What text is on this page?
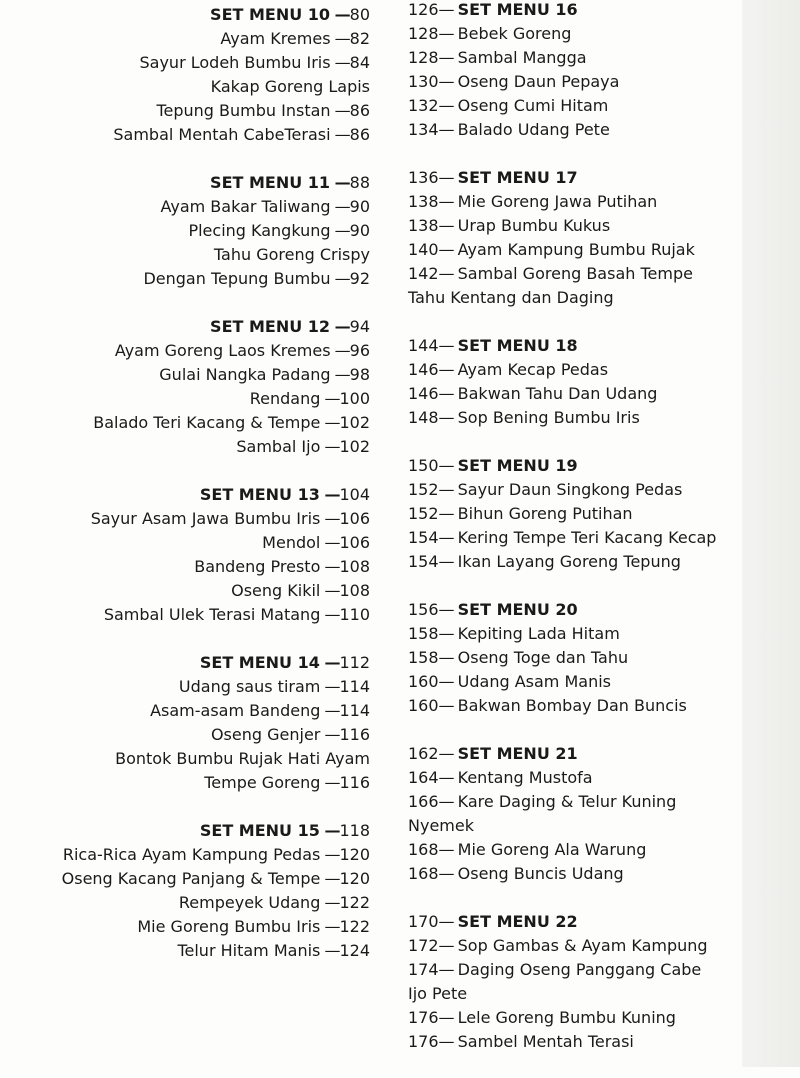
SET MENU 10 —80
Ayam Kremes —82
Sayur Lodeh Bumbu Iris —84
Kakap Goreng Lapis
Tepung Bumbu Instan —86
Sambal Mentah CabeTerasi —86
SET MENU 11 —88
Ayam Bakar Taliwang —90
Plecing Kangkung —90
Tahu Goreng Crispy
Dengan Tepung Bumbu —92
SET MENU 12 —94
Ayam Goreng Laos Kremes —96
Gulai Nangka Padang —98
Rendang —100
Balado Teri Kacang & Tempe —102
Sambal Ijo —102
SET MENU 13 —104
Sayur Asam Jawa Bumbu Iris —106
Mendol —106
Bandeng Presto —108
Oseng Kikil —108
Sambal Ulek Terasi Matang —110
SET MENU 14 —112
Udang saus tiram —114
Asam-asam Bandeng —114
Oseng Genjer —116
Bontok Bumbu Rujak Hati Ayam
Tempe Goreng —116
SET MENU 15 —118
Rica-Rica Ayam Kampung Pedas —120
Oseng Kacang Panjang & Tempe —120
Rempeyek Udang —122
Mie Goreng Bumbu Iris —122
Telur Hitam Manis —124
126— SET MENU 16
128— Bebek Goreng
128— Sambal Mangga
130— Oseng Daun Pepaya
132— Oseng Cumi Hitam
134— Balado Udang Pete
136— SET MENU 17
138— Mie Goreng Jawa Putihan
138— Urap Bumbu Kukus
140— Ayam Kampung Bumbu Rujak
142— Sambal Goreng Basah Tempe
Tahu Kentang dan Daging
144— SET MENU 18
146— Ayam Kecap Pedas
146— Bakwan Tahu Dan Udang
148— Sop Bening Bumbu Iris
150— SET MENU 19
152— Sayur Daun Singkong Pedas
152— Bihun Goreng Putihan
154— Kering Tempe Teri Kacang Kecap
154— Ikan Layang Goreng Tepung
156— SET MENU 20
158— Kepiting Lada Hitam
158— Oseng Toge dan Tahu
160— Udang Asam Manis
160— Bakwan Bombay Dan Buncis
162— SET MENU 21
164— Kentang Mustofa
166— Kare Daging & Telur Kuning
Nyemek
168— Mie Goreng Ala Warung
168— Oseng Buncis Udang
170— SET MENU 22
172— Sop Gambas & Ayam Kampung
174— Daging Oseng Panggang Cabe
Ijo Pete
176— Lele Goreng Bumbu Kuning
176— Sambel Mentah Terasi
